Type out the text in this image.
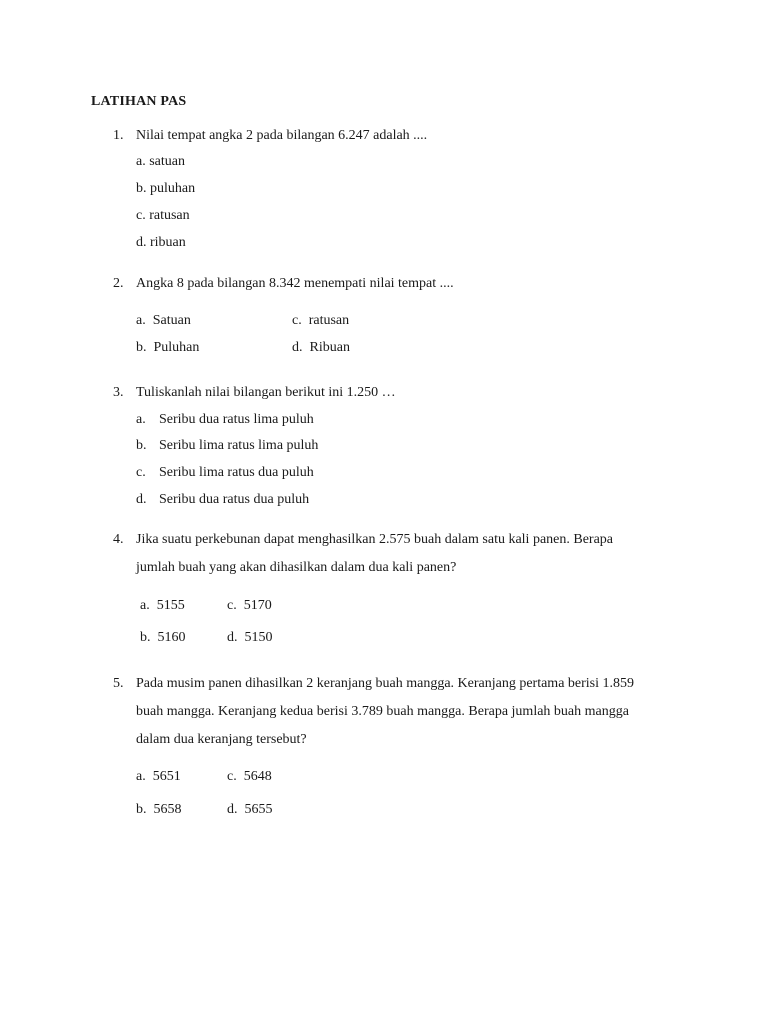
LATIHAN PAS
1. Nilai tempat angka 2 pada bilangan 6.247 adalah ....
a. satuan
b. puluhan
c. ratusan
d. ribuan
2. Angka 8 pada bilangan 8.342 menempati nilai tempat ....
a. Satuan	c. ratusan
b. Puluhan	d. Ribuan
3. Tuliskanlah nilai bilangan berikut ini 1.250 …
a. Seribu dua ratus lima puluh
b. Seribu lima ratus lima puluh
c. Seribu lima ratus dua puluh
d. Seribu dua ratus dua puluh
4. Jika suatu perkebunan dapat menghasilkan 2.575 buah dalam satu kali panen. Berapa
jumlah buah yang akan dihasilkan dalam dua kali panen?
a. 5155	c. 5170
b. 5160	d. 5150
5. Pada musim panen dihasilkan 2 keranjang buah mangga. Keranjang pertama berisi 1.859
buah mangga. Keranjang kedua berisi 3.789 buah mangga. Berapa jumlah buah mangga
dalam dua keranjang tersebut?
a. 5651	c. 5648
b. 5658	d. 5655
